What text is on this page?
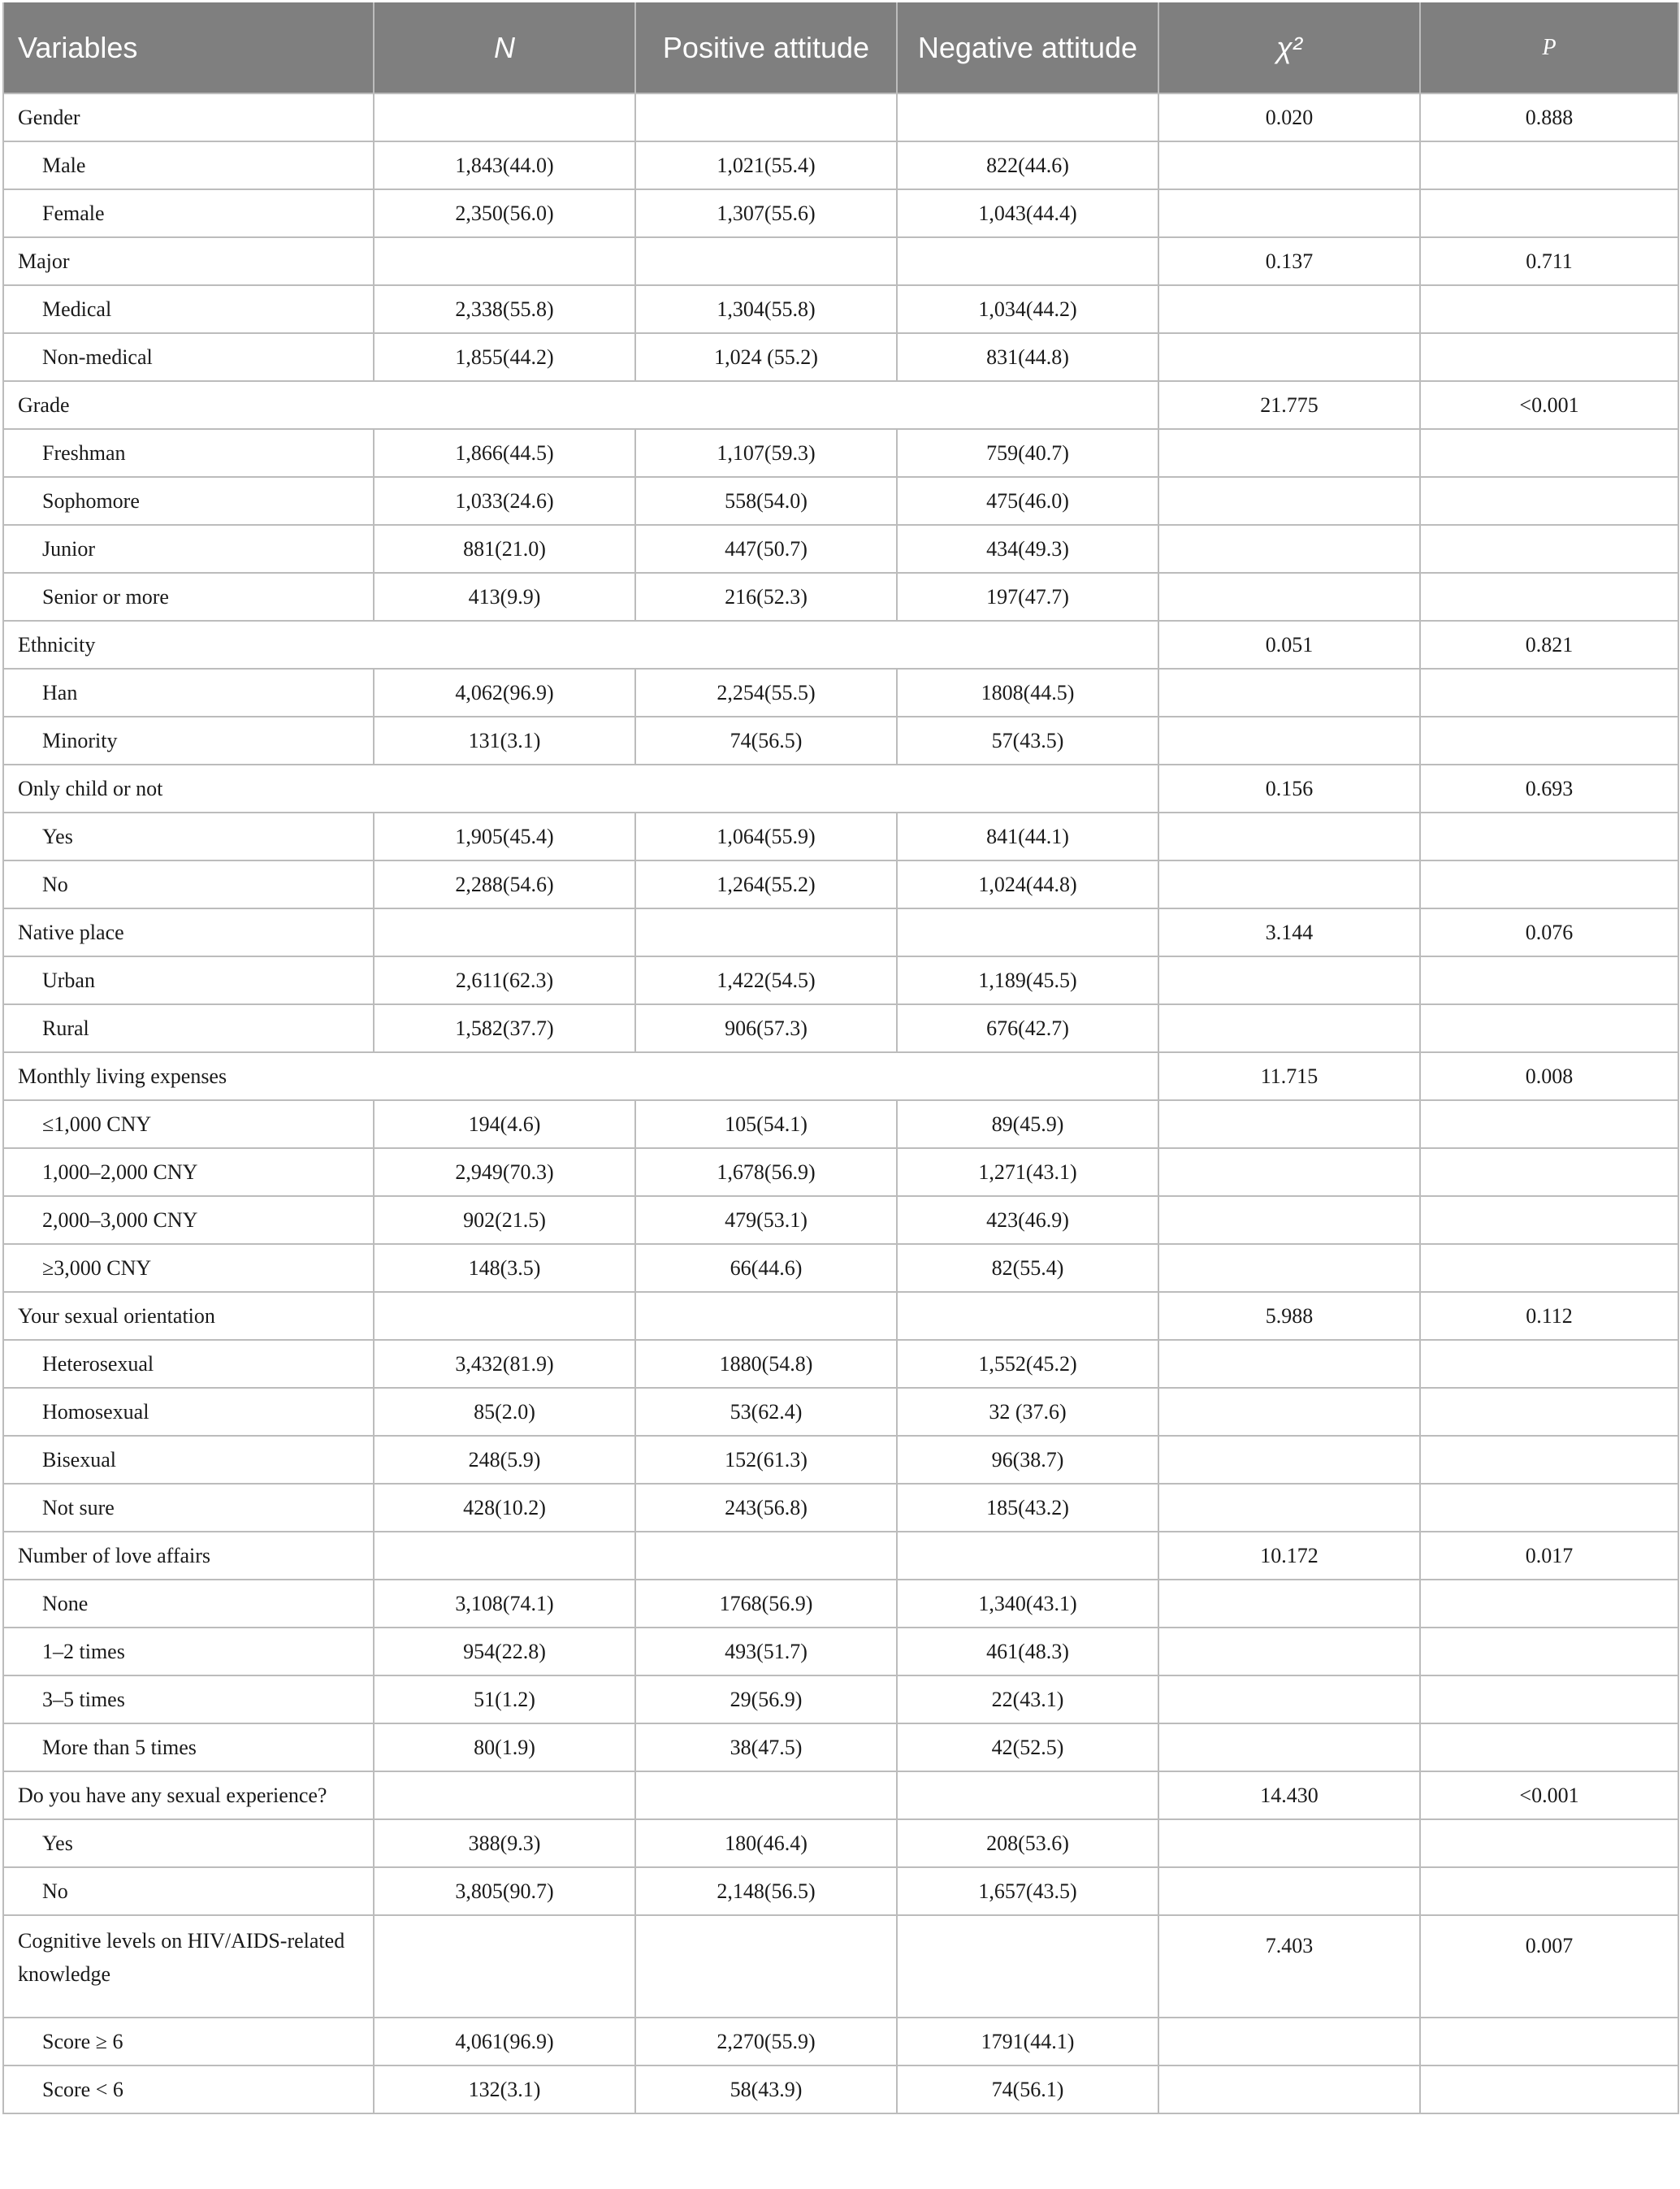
Variables	N	Positive attitude	Negative attitude	χ²	P
Gender				0.020	0.888
Male	1,843(44.0)	1,021(55.4)	822(44.6)		
Female	2,350(56.0)	1,307(55.6)	1,043(44.4)		
Major				0.137	0.711
Medical	2,338(55.8)	1,304(55.8)	1,034(44.2)		
Non-medical	1,855(44.2)	1,024 (55.2)	831(44.8)		
Grade				21.775	<0.001
Freshman	1,866(44.5)	1,107(59.3)	759(40.7)		
Sophomore	1,033(24.6)	558(54.0)	475(46.0)		
Junior	881(21.0)	447(50.7)	434(49.3)		
Senior or more	413(9.9)	216(52.3)	197(47.7)		
Ethnicity				0.051	0.821
Han	4,062(96.9)	2,254(55.5)	1808(44.5)		
Minority	131(3.1)	74(56.5)	57(43.5)		
Only child or not				0.156	0.693
Yes	1,905(45.4)	1,064(55.9)	841(44.1)		
No	2,288(54.6)	1,264(55.2)	1,024(44.8)		
Native place				3.144	0.076
Urban	2,611(62.3)	1,422(54.5)	1,189(45.5)		
Rural	1,582(37.7)	906(57.3)	676(42.7)		
Monthly living expenses				11.715	0.008
≤1,000 CNY	194(4.6)	105(54.1)	89(45.9)		
1,000–2,000 CNY	2,949(70.3)	1,678(56.9)	1,271(43.1)		
2,000–3,000 CNY	902(21.5)	479(53.1)	423(46.9)		
≥3,000 CNY	148(3.5)	66(44.6)	82(55.4)		
Your sexual orientation				5.988	0.112
Heterosexual	3,432(81.9)	1880(54.8)	1,552(45.2)		
Homosexual	85(2.0)	53(62.4)	32 (37.6)		
Bisexual	248(5.9)	152(61.3)	96(38.7)		
Not sure	428(10.2)	243(56.8)	185(43.2)		
Number of love affairs				10.172	0.017
None	3,108(74.1)	1768(56.9)	1,340(43.1)		
1–2 times	954(22.8)	493(51.7)	461(48.3)		
3–5 times	51(1.2)	29(56.9)	22(43.1)		
More than 5 times	80(1.9)	38(47.5)	42(52.5)		
Do you have any sexual experience?				14.430	<0.001
Yes	388(9.3)	180(46.4)	208(53.6)		
No	3,805(90.7)	2,148(56.5)	1,657(43.5)		
Cognitive levels on HIV/AIDS-related knowledge				7.403	0.007
Score ≥ 6	4,061(96.9)	2,270(55.9)	1791(44.1)		
Score < 6	132(3.1)	58(43.9)	74(56.1)		
